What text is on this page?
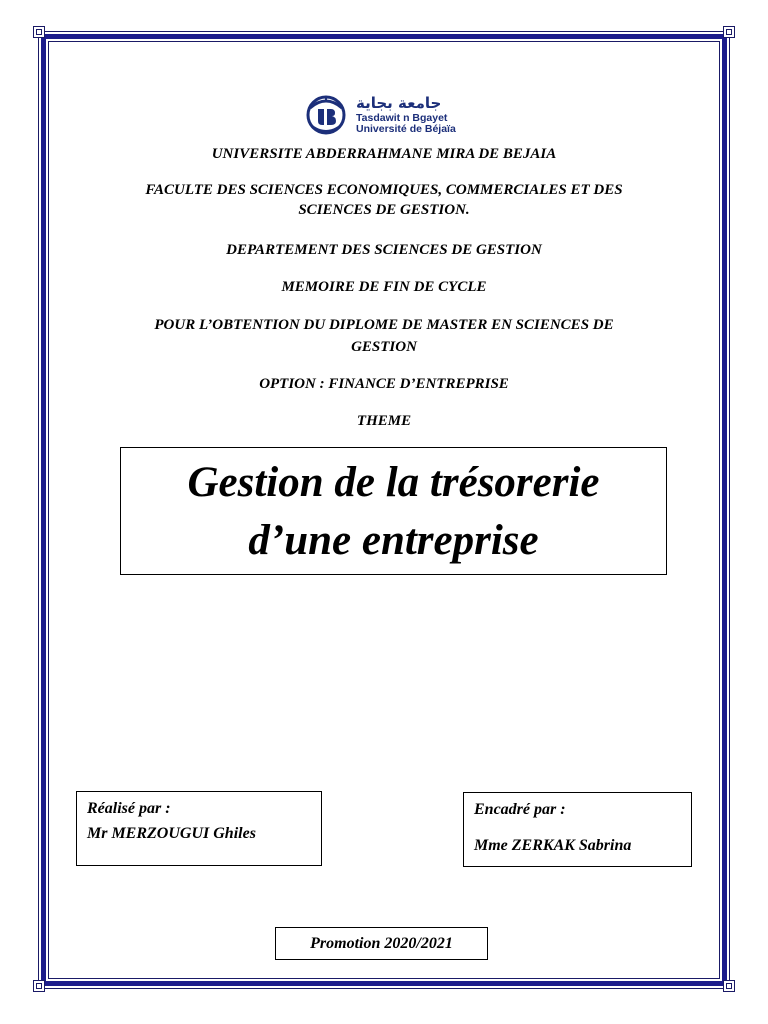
جامعة بجاية
Tasdawit n Bgayet
Université de Béjaïa
UNIVERSITE ABDERRAHMANE MIRA DE BEJAIA
FACULTE DES SCIENCES ECONOMIQUES, COMMERCIALES ET DES
SCIENCES DE GESTION.
DEPARTEMENT DES SCIENCES DE GESTION
MEMOIRE DE FIN DE CYCLE
POUR L’OBTENTION DU DIPLOME DE MASTER EN SCIENCES DE
GESTION
OPTION : FINANCE D’ENTREPRISE
THEME
Gestion de la trésorerie
d’une entreprise
Réalisé par :
Mr MERZOUGUI Ghiles
Encadré par :
Mme ZERKAK Sabrina
Promotion 2020/2021
